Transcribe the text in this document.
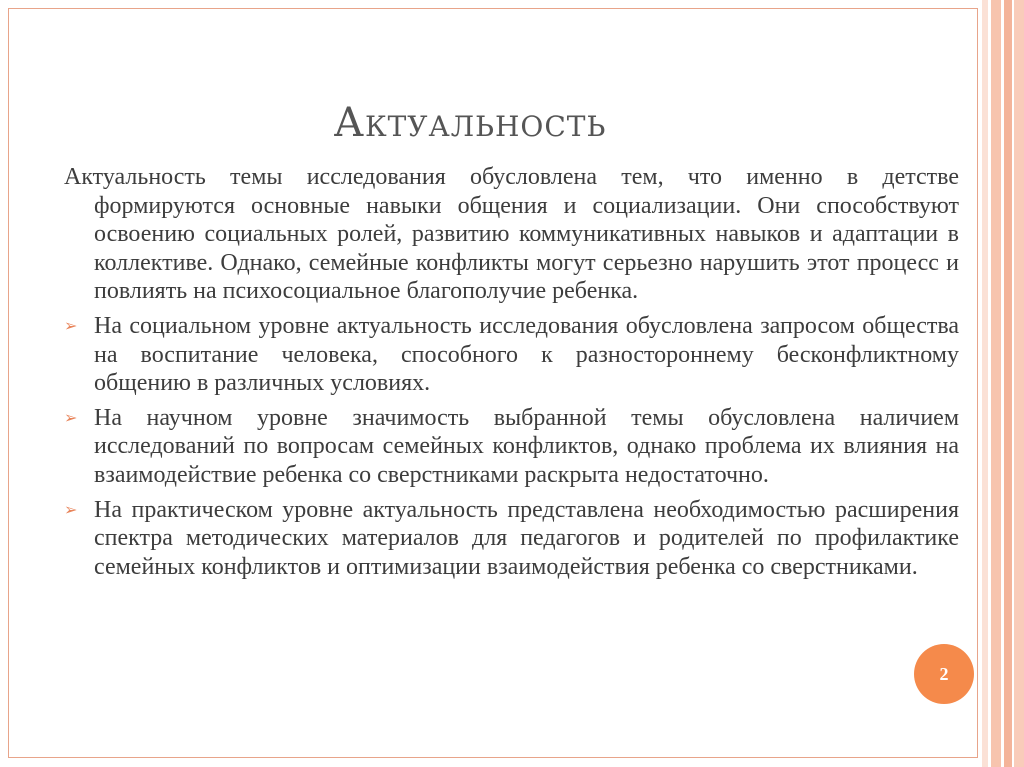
Актуальность

Актуальность темы исследования обусловлена тем, что именно в детстве формируются основные навыки общения и социализации. Они способствуют освоению социальных ролей, развитию коммуникативных навыков и адаптации в коллективе. Однако, семейные конфликты могут серьезно нарушить этот процесс и повлиять на психосоциальное благополучие ребенка.

➢ На социальном уровне актуальность исследования обусловлена запросом общества на воспитание человека, способного к разностороннему бесконфликтному общению в различных условиях.
➢ На научном уровне значимость выбранной темы обусловлена наличием исследований по вопросам семейных конфликтов, однако проблема их влияния на взаимодействие ребенка со сверстниками раскрыта недостаточно.
➢ На практическом уровне актуальность представлена необходимостью расширения спектра методических материалов для педагогов и родителей по профилактике семейных конфликтов и оптимизации взаимодействия ребенка со сверстниками.
2
